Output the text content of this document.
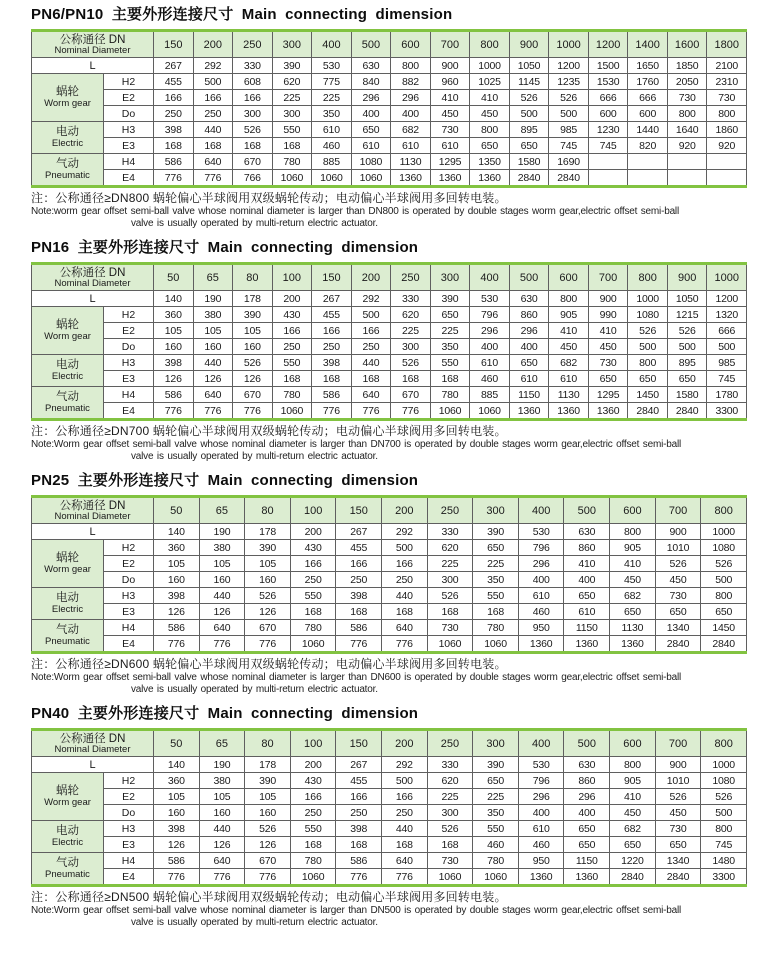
PN6/PN10 主要外形连接尺寸 Main connecting dimension
公称通径 DN
Nominal Diameter		150	200	250	300	400	500	600	700	800	900	1000	1200	1400	1600	1800
L		267	292	330	390	530	630	800	900	1000	1050	1200	1500	1650	1850	2100

蜗轮
Worm gear	H2	455	500	608	620	775	840	882	960	1025	1145	1235	1530	1760	2050	2310
	E2	166	166	166	225	225	296	296	410	410	526	526	666	666	730	730
	Do	250	250	300	300	350	400	400	450	450	500	500	600	600	800	800

电动
Electric	H3	398	440	526	550	610	650	682	730	800	895	985	1230	1440	1640	1860
	E3	168	168	168	168	460	610	610	610	650	650	745	745	820	920	920

气动
Pneumatic	H4	586	640	670	780	885	1080	1130	1295	1350	1580	1690				
	E4	776	776	766	1060	1060	1060	1360	1360	1360	2840	2840				
注：公称通径≥DN800 蜗轮偏心半球阀用双级蜗轮传动；电动偏心半球阀用多回转电装。
Note:worm gear offset semi-ball valve whose nominal diameter is larger than DN800 is operated by double stages worm gear,electric offset semi-ball
valve is usually operated by multi-return electric actuator.
PN16 主要外形连接尺寸 Main connecting dimension
公称通径 DN
Nominal Diameter		50	65	80	100	150	200	250	300	400	500	600	700	800	900	1000
L		140	190	178	200	267	292	330	390	530	630	800	900	1000	1050	1200

蜗轮
Worm gear	H2	360	380	390	430	455	500	620	650	796	860	905	990	1080	1215	1320
	E2	105	105	105	166	166	166	225	225	296	296	410	410	526	526	666
	Do	160	160	160	250	250	250	300	350	400	400	450	450	500	500	500

电动
Electric	H3	398	440	526	550	398	440	526	550	610	650	682	730	800	895	985
	E3	126	126	126	168	168	168	168	168	460	610	610	650	650	650	745

气动
Pneumatic	H4	586	640	670	780	586	640	670	780	885	1150	1130	1295	1450	1580	1780
	E4	776	776	776	1060	776	776	776	1060	1060	1360	1360	1360	2840	2840	3300
注：公称通径≥DN700 蜗轮偏心半球阀用双级蜗轮传动；电动偏心半球阀用多回转电装。
Note:Worm gear offset semi-ball valve whose nominal diameter is larger than DN700 is operated by double stages worm gear,electric offset semi-ball
valve is usually operated by multi-return electric actuator.
PN25 主要外形连接尺寸 Main connecting dimension
公称通径 DN
Nominal Diameter		50	65	80	100	150	200	250	300	400	500	600	700	800
L		140	190	178	200	267	292	330	390	530	630	800	900	1000

蜗轮
Worm gear	H2	360	380	390	430	455	500	620	650	796	860	905	1010	1080
	E2	105	105	105	166	166	166	225	225	296	410	410	526	526
	Do	160	160	160	250	250	250	300	350	400	400	450	450	500

电动
Electric	H3	398	440	526	550	398	440	526	550	610	650	682	730	800
	E3	126	126	126	168	168	168	168	168	460	610	650	650	650

气动
Pneumatic	H4	586	640	670	780	586	640	730	780	950	1150	1130	1340	1450
	E4	776	776	776	1060	776	776	1060	1060	1360	1360	1360	2840	2840
注：公称通径≥DN600 蜗轮偏心半球阀用双级蜗轮传动；电动偏心半球阀用多回转电装。
Note:Worm gear offset semi-ball valve whose nominal diameter is larger than DN600 is operated by double stages worm gear,electric offset semi-ball
valve is usually operated by multi-return electric actuator.
PN40 主要外形连接尺寸 Main connecting dimension
公称通径 DN
Nominal Diameter		50	65	80	100	150	200	250	300	400	500	600	700	800
L		140	190	178	200	267	292	330	390	530	630	800	900	1000

蜗轮
Worm gear	H2	360	380	390	430	455	500	620	650	796	860	905	1010	1080
	E2	105	105	105	166	166	166	225	225	296	296	410	526	526
	Do	160	160	160	250	250	250	300	350	400	400	450	450	500

电动
Electric	H3	398	440	526	550	398	440	526	550	610	650	682	730	800
	E3	126	126	126	168	168	168	168	460	460	650	650	650	745

气动
Pneumatic	H4	586	640	670	780	586	640	730	780	950	1150	1220	1340	1480
	E4	776	776	776	1060	776	776	1060	1060	1360	1360	2840	2840	3300
注：公称通径≥DN500 蜗轮偏心半球阀用双级蜗轮传动；电动偏心半球阀用多回转电装。
Note:Worm gear offset semi-ball valve whose nominal diameter is larger than DN500 is operated by double stages worm gear,electric offset semi-ball
valve is usually operated by multi-return electric actuator.
